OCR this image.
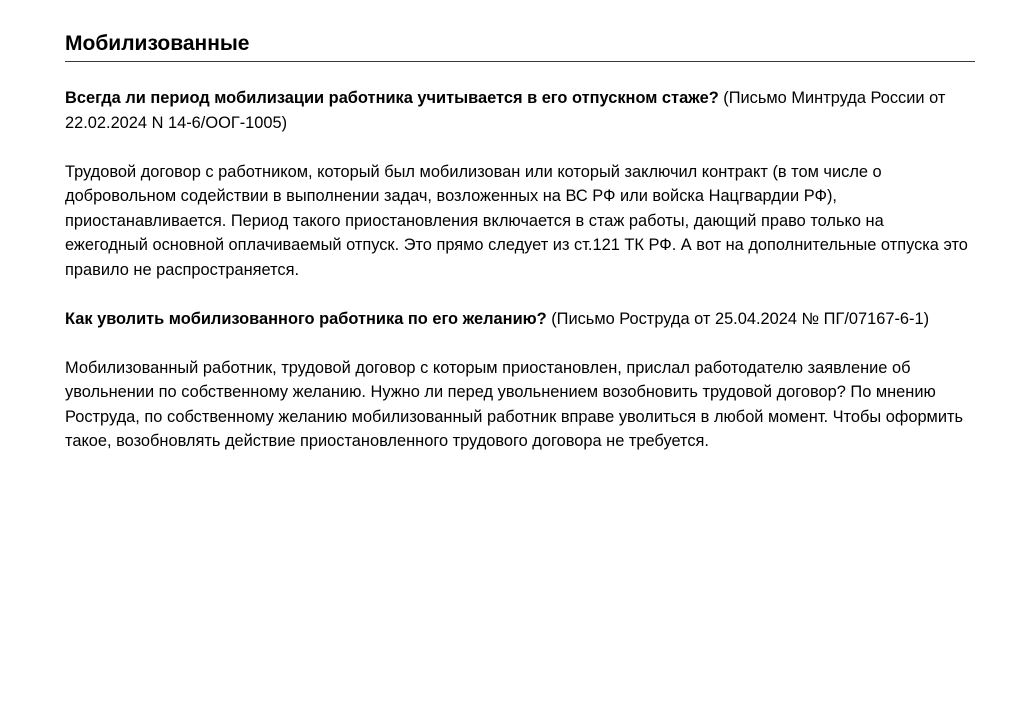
Мобилизованные

Всегда ли период мобилизации работника учитывается в его отпускном стаже? (Письмо Минтруда России от 22.02.2024 N 14-6/ООГ-1005)

Трудовой договор с работником, который был мобилизован или который заключил контракт (в том числе о добровольном содействии в выполнении задач, возложенных на ВС РФ или войска Нацгвардии РФ), приостанавливается. Период такого приостановления включается в стаж работы, дающий право только на ежегодный основной оплачиваемый отпуск. Это прямо следует из ст.121 ТК РФ. А вот на дополнительные отпуска это правило не распространяется.

Как уволить мобилизованного работника по его желанию? (Письмо Роструда от 25.04.2024 № ПГ/07167-6-1)

Мобилизованный работник, трудовой договор с которым приостановлен, прислал работодателю заявление об увольнении по собственному желанию. Нужно ли перед увольнением возобновить трудовой договор? По мнению Роструда, по собственному желанию мобилизованный работник вправе уволиться в любой момент. Чтобы оформить такое, возобновлять действие приостановленного трудового договора не требуется.
